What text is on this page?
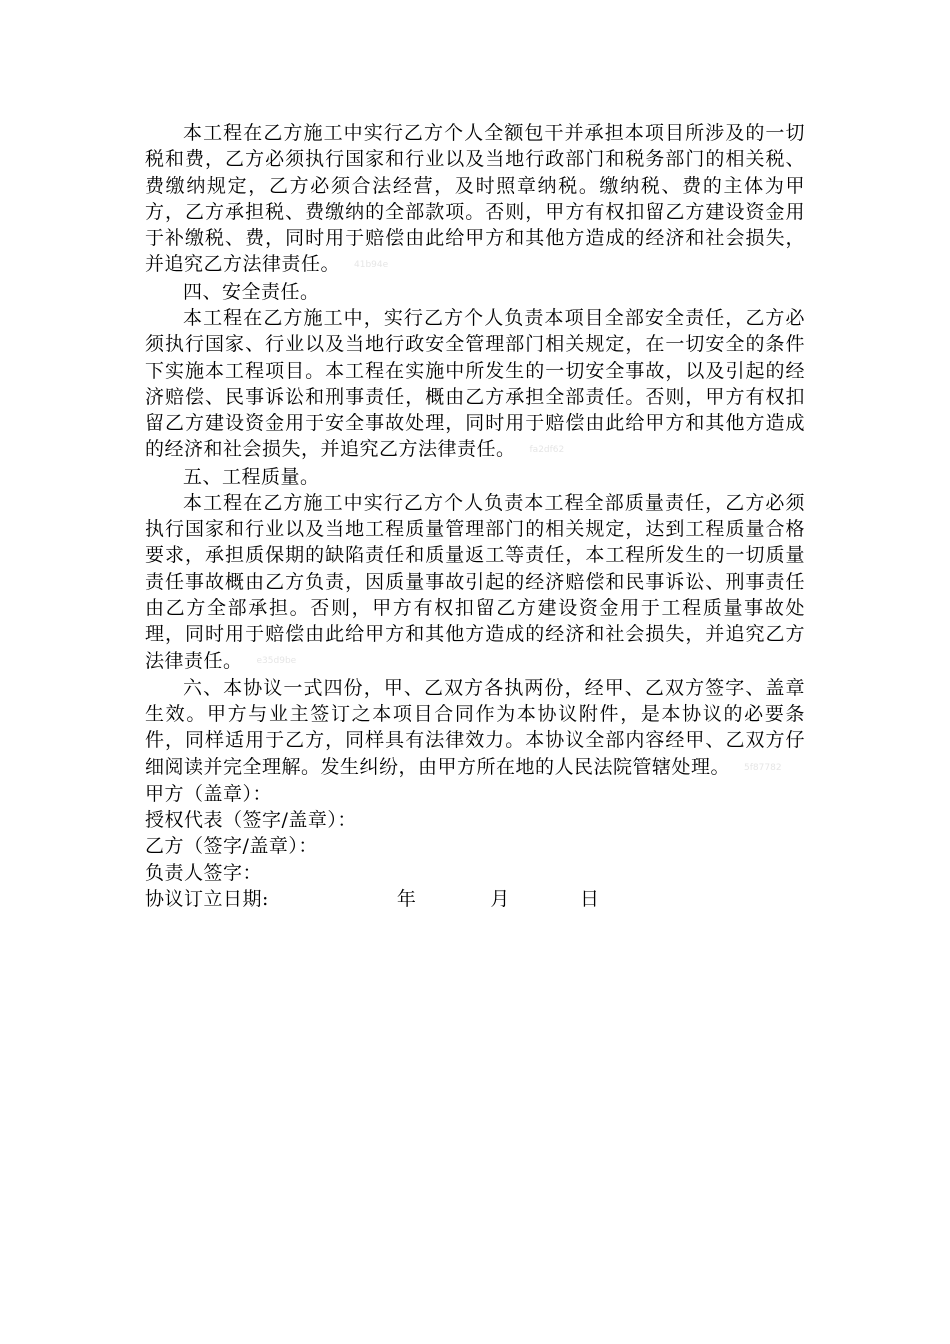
本工程在乙方施工中实行乙方个人全额包干并承担本项目所涉及的一切税和费，乙方必须执行国家和行业以及当地行政部门和税务部门的相关税、费缴纳规定，乙方必须合法经营，及时照章纳税。缴纳税、费的主体为甲方，乙方承担税、费缴纳的全部款项。否则，甲方有权扣留乙方建设资金用于补缴税、费，同时用于赔偿由此给甲方和其他方造成的经济和社会损失，并追究乙方法律责任。 41b94e

四、安全责任。

本工程在乙方施工中，实行乙方个人负责本项目全部安全责任，乙方必须执行国家、行业以及当地行政安全管理部门相关规定，在一切安全的条件下实施本工程项目。本工程在实施中所发生的一切安全事故，以及引起的经济赔偿、民事诉讼和刑事责任，概由乙方承担全部责任。否则，甲方有权扣留乙方建设资金用于安全事故处理，同时用于赔偿由此给甲方和其他方造成的经济和社会损失，并追究乙方法律责任。 fa2df62

五、工程质量。

本工程在乙方施工中实行乙方个人负责本工程全部质量责任，乙方必须执行国家和行业以及当地工程质量管理部门的相关规定，达到工程质量合格要求，承担质保期的缺陷责任和质量返工等责任，本工程所发生的一切质量责任事故概由乙方负责，因质量事故引起的经济赔偿和民事诉讼、刑事责任由乙方全部承担。否则，甲方有权扣留乙方建设资金用于工程质量事故处理，同时用于赔偿由此给甲方和其他方造成的经济和社会损失，并追究乙方法律责任。 e35d9be

六、本协议一式四份，甲、乙双方各执两份，经甲、乙双方签字、盖章生效。甲方与业主签订之本项目合同作为本协议附件，是本协议的必要条件，同样适用于乙方，同样具有法律效力。本协议全部内容经甲、乙双方仔细阅读并完全理解。发生纠纷，由甲方所在地的人民法院管辖处理。 5f87782

甲方（盖章）：

授权代表（签字/盖章）：

乙方（签字/盖章）：

负责人签字：

协议订立日期:	年	月	日
